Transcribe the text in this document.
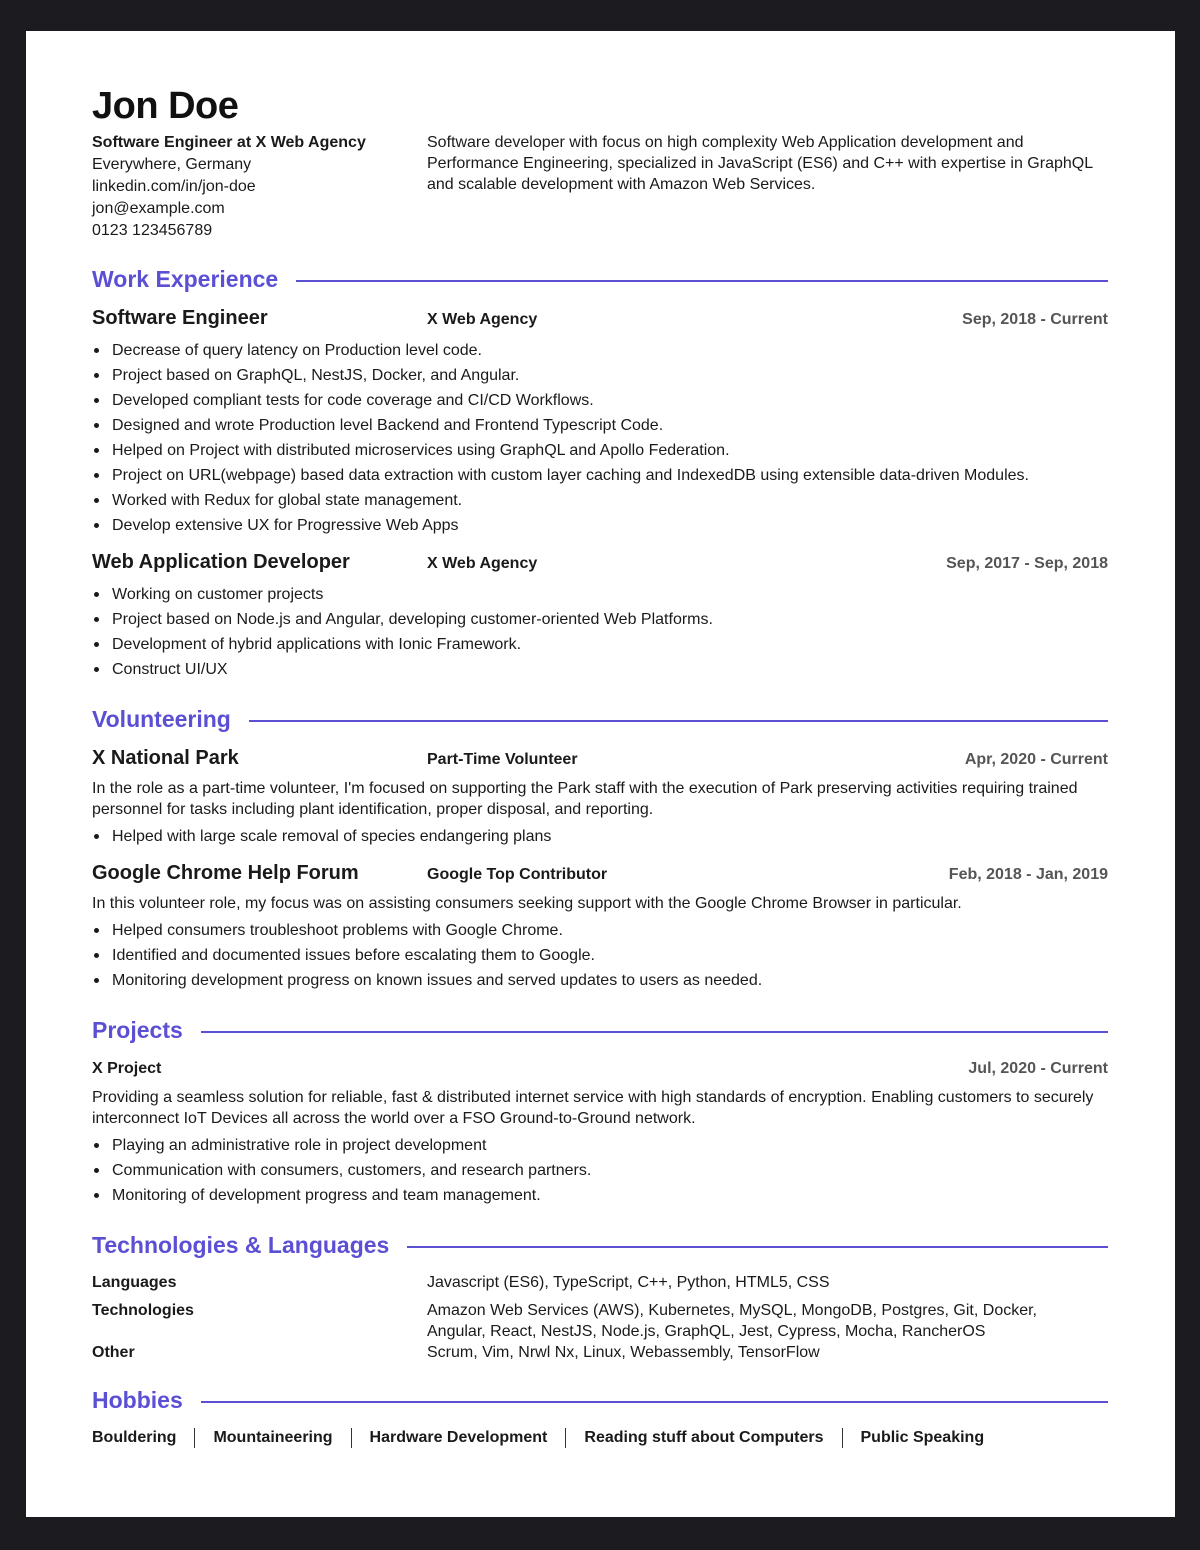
Jon Doe
Software Engineer at X Web Agency
Everywhere, Germany
linkedin.com/in/jon-doe
jon@example.com
0123 123456789
Software developer with focus on high complexity Web Application development and Performance Engineering, specialized in JavaScript (ES6) and C++ with expertise in GraphQL and scalable development with Amazon Web Services.
Work Experience
Software Engineer	X Web Agency	Sep, 2018 - Current
Decrease of query latency on Production level code.
Project based on GraphQL, NestJS, Docker, and Angular.
Developed compliant tests for code coverage and CI/CD Workflows.
Designed and wrote Production level Backend and Frontend Typescript Code.
Helped on Project with distributed microservices using GraphQL and Apollo Federation.
Project on URL(webpage) based data extraction with custom layer caching and IndexedDB using extensible data-driven Modules.
Worked with Redux for global state management.
Develop extensive UX for Progressive Web Apps
Web Application Developer	X Web Agency	Sep, 2017 - Sep, 2018
Working on customer projects
Project based on Node.js and Angular, developing customer-oriented Web Platforms.
Development of hybrid applications with Ionic Framework.
Construct UI/UX
Volunteering
X National Park	Part-Time Volunteer	Apr, 2020 - Current
In the role as a part-time volunteer, I'm focused on supporting the Park staff with the execution of Park preserving activities requiring trained personnel for tasks including plant identification, proper disposal, and reporting.
Helped with large scale removal of species endangering plans
Google Chrome Help Forum	Google Top Contributor	Feb, 2018 - Jan, 2019
In this volunteer role, my focus was on assisting consumers seeking support with the Google Chrome Browser in particular.
Helped consumers troubleshoot problems with Google Chrome.
Identified and documented issues before escalating them to Google.
Monitoring development progress on known issues and served updates to users as needed.
Projects
X Project	Jul, 2020 - Current
Providing a seamless solution for reliable, fast & distributed internet service with high standards of encryption. Enabling customers to securely interconnect IoT Devices all across the world over a FSO Ground-to-Ground network.
Playing an administrative role in project development
Communication with consumers, customers, and research partners.
Monitoring of development progress and team management.
Technologies & Languages
Languages	Javascript (ES6), TypeScript, C++, Python, HTML5, CSS
Technologies	Amazon Web Services (AWS), Kubernetes, MySQL, MongoDB, Postgres, Git, Docker, Angular, React, NestJS, Node.js, GraphQL, Jest, Cypress, Mocha, RancherOS
Other	Scrum, Vim, Nrwl Nx, Linux, Webassembly, TensorFlow
Hobbies
Bouldering Mountaineering Hardware Development Reading stuff about Computers Public Speaking
